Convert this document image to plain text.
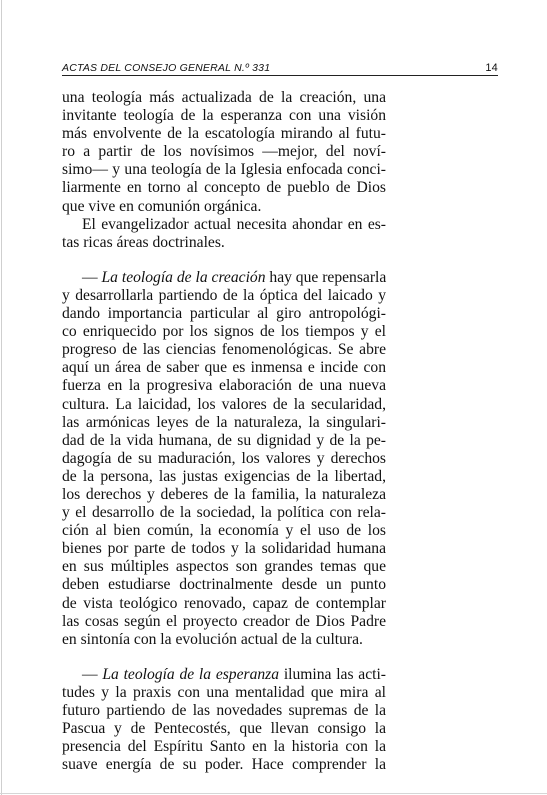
ACTAS DEL CONSEJO GENERAL N.º 331	14

una teología más actualizada de la creación, una
invitante teología de la esperanza con una visión
más envolvente de la escatología mirando al futu-
ro a partir de los novísimos —mejor, del noví-
simo— y una teología de la Iglesia enfocada conci-
liarmente en torno al concepto de pueblo de Dios
que vive en comunión orgánica.

El evangelizador actual necesita ahondar en es-
tas ricas áreas doctrinales.

— La teología de la creación hay que repensarla
y desarrollarla partiendo de la óptica del laicado y
dando importancia particular al giro antropológi-
co enriquecido por los signos de los tiempos y el
progreso de las ciencias fenomenológicas. Se abre
aquí un área de saber que es inmensa e incide con
fuerza en la progresiva elaboración de una nueva
cultura. La laicidad, los valores de la secularidad,
las armónicas leyes de la naturaleza, la singulari-
dad de la vida humana, de su dignidad y de la pe-
dagogía de su maduración, los valores y derechos
de la persona, las justas exigencias de la libertad,
los derechos y deberes de la familia, la naturaleza
y el desarrollo de la sociedad, la política con rela-
ción al bien común, la economía y el uso de los
bienes por parte de todos y la solidaridad humana
en sus múltiples aspectos son grandes temas que
deben estudiarse doctrinalmente desde un punto
de vista teológico renovado, capaz de contemplar
las cosas según el proyecto creador de Dios Padre
en sintonía con la evolución actual de la cultura.

— La teología de la esperanza ilumina las acti-
tudes y la praxis con una mentalidad que mira al
futuro partiendo de las novedades supremas de la
Pascua y de Pentecostés, que llevan consigo la
presencia del Espíritu Santo en la historia con la
suave energía de su poder. Hace comprender la
